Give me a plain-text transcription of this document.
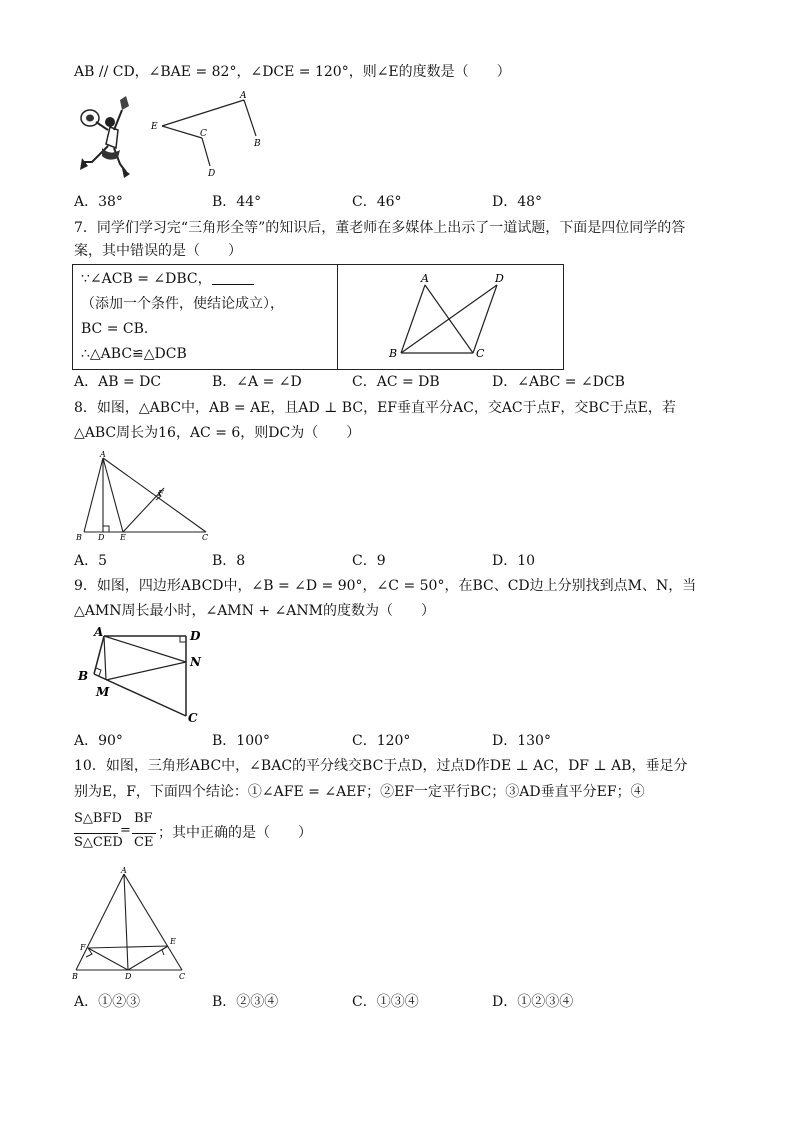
AB // CD，∠BAE = 82°，∠DCE = 120°，则∠E的度数是（　　）
A
B
C
D
E
A．38°	B．44°	C．46°	D．48°
7．同学们学习完“三角形全等”的知识后，董老师在多媒体上出示了一道试题，下面是四位同学的答
案，其中错误的是（　　）
∵∠ACB = ∠DBC，
（添加一个条件，使结论成立），
BC = CB．
∴△ABC≌△DCB
A	D
B	C
A．AB = DC	B．∠A = ∠D	C．AC = DB	D．∠ABC = ∠DCB
8．如图，△ABC中，AB = AE，且AD ⊥ BC，EF垂直平分AC，交AC于点F，交BC于点E，若
△ABC周长为16，AC = 6，则DC为（　　）
A
F
B D E	C
A．5	B．8	C．9	D．10
9．如图，四边形ABCD中，∠B = ∠D = 90°，∠C = 50°，在BC、CD边上分别找到点M、N，当
△AMN周长最小时，∠AMN + ∠ANM的度数为（　　）
A	D
N
B
M
C
A．90°	B．100°	C．120°	D．130°
10．如图，三角形ABC中，∠BAC的平分线交BC于点D，过点D作DE ⊥ AC，DF ⊥ AB，垂足分
别为E，F，下面四个结论：①∠AFE = ∠AEF；②EF一定平行BC；③AD垂直平分EF；④
S△BFD
S△CED
=
BF
CE
；其中正确的是（　　）
A
F
E
B	D	C
A．①②③	B．②③④	C．①③④	D．①②③④
